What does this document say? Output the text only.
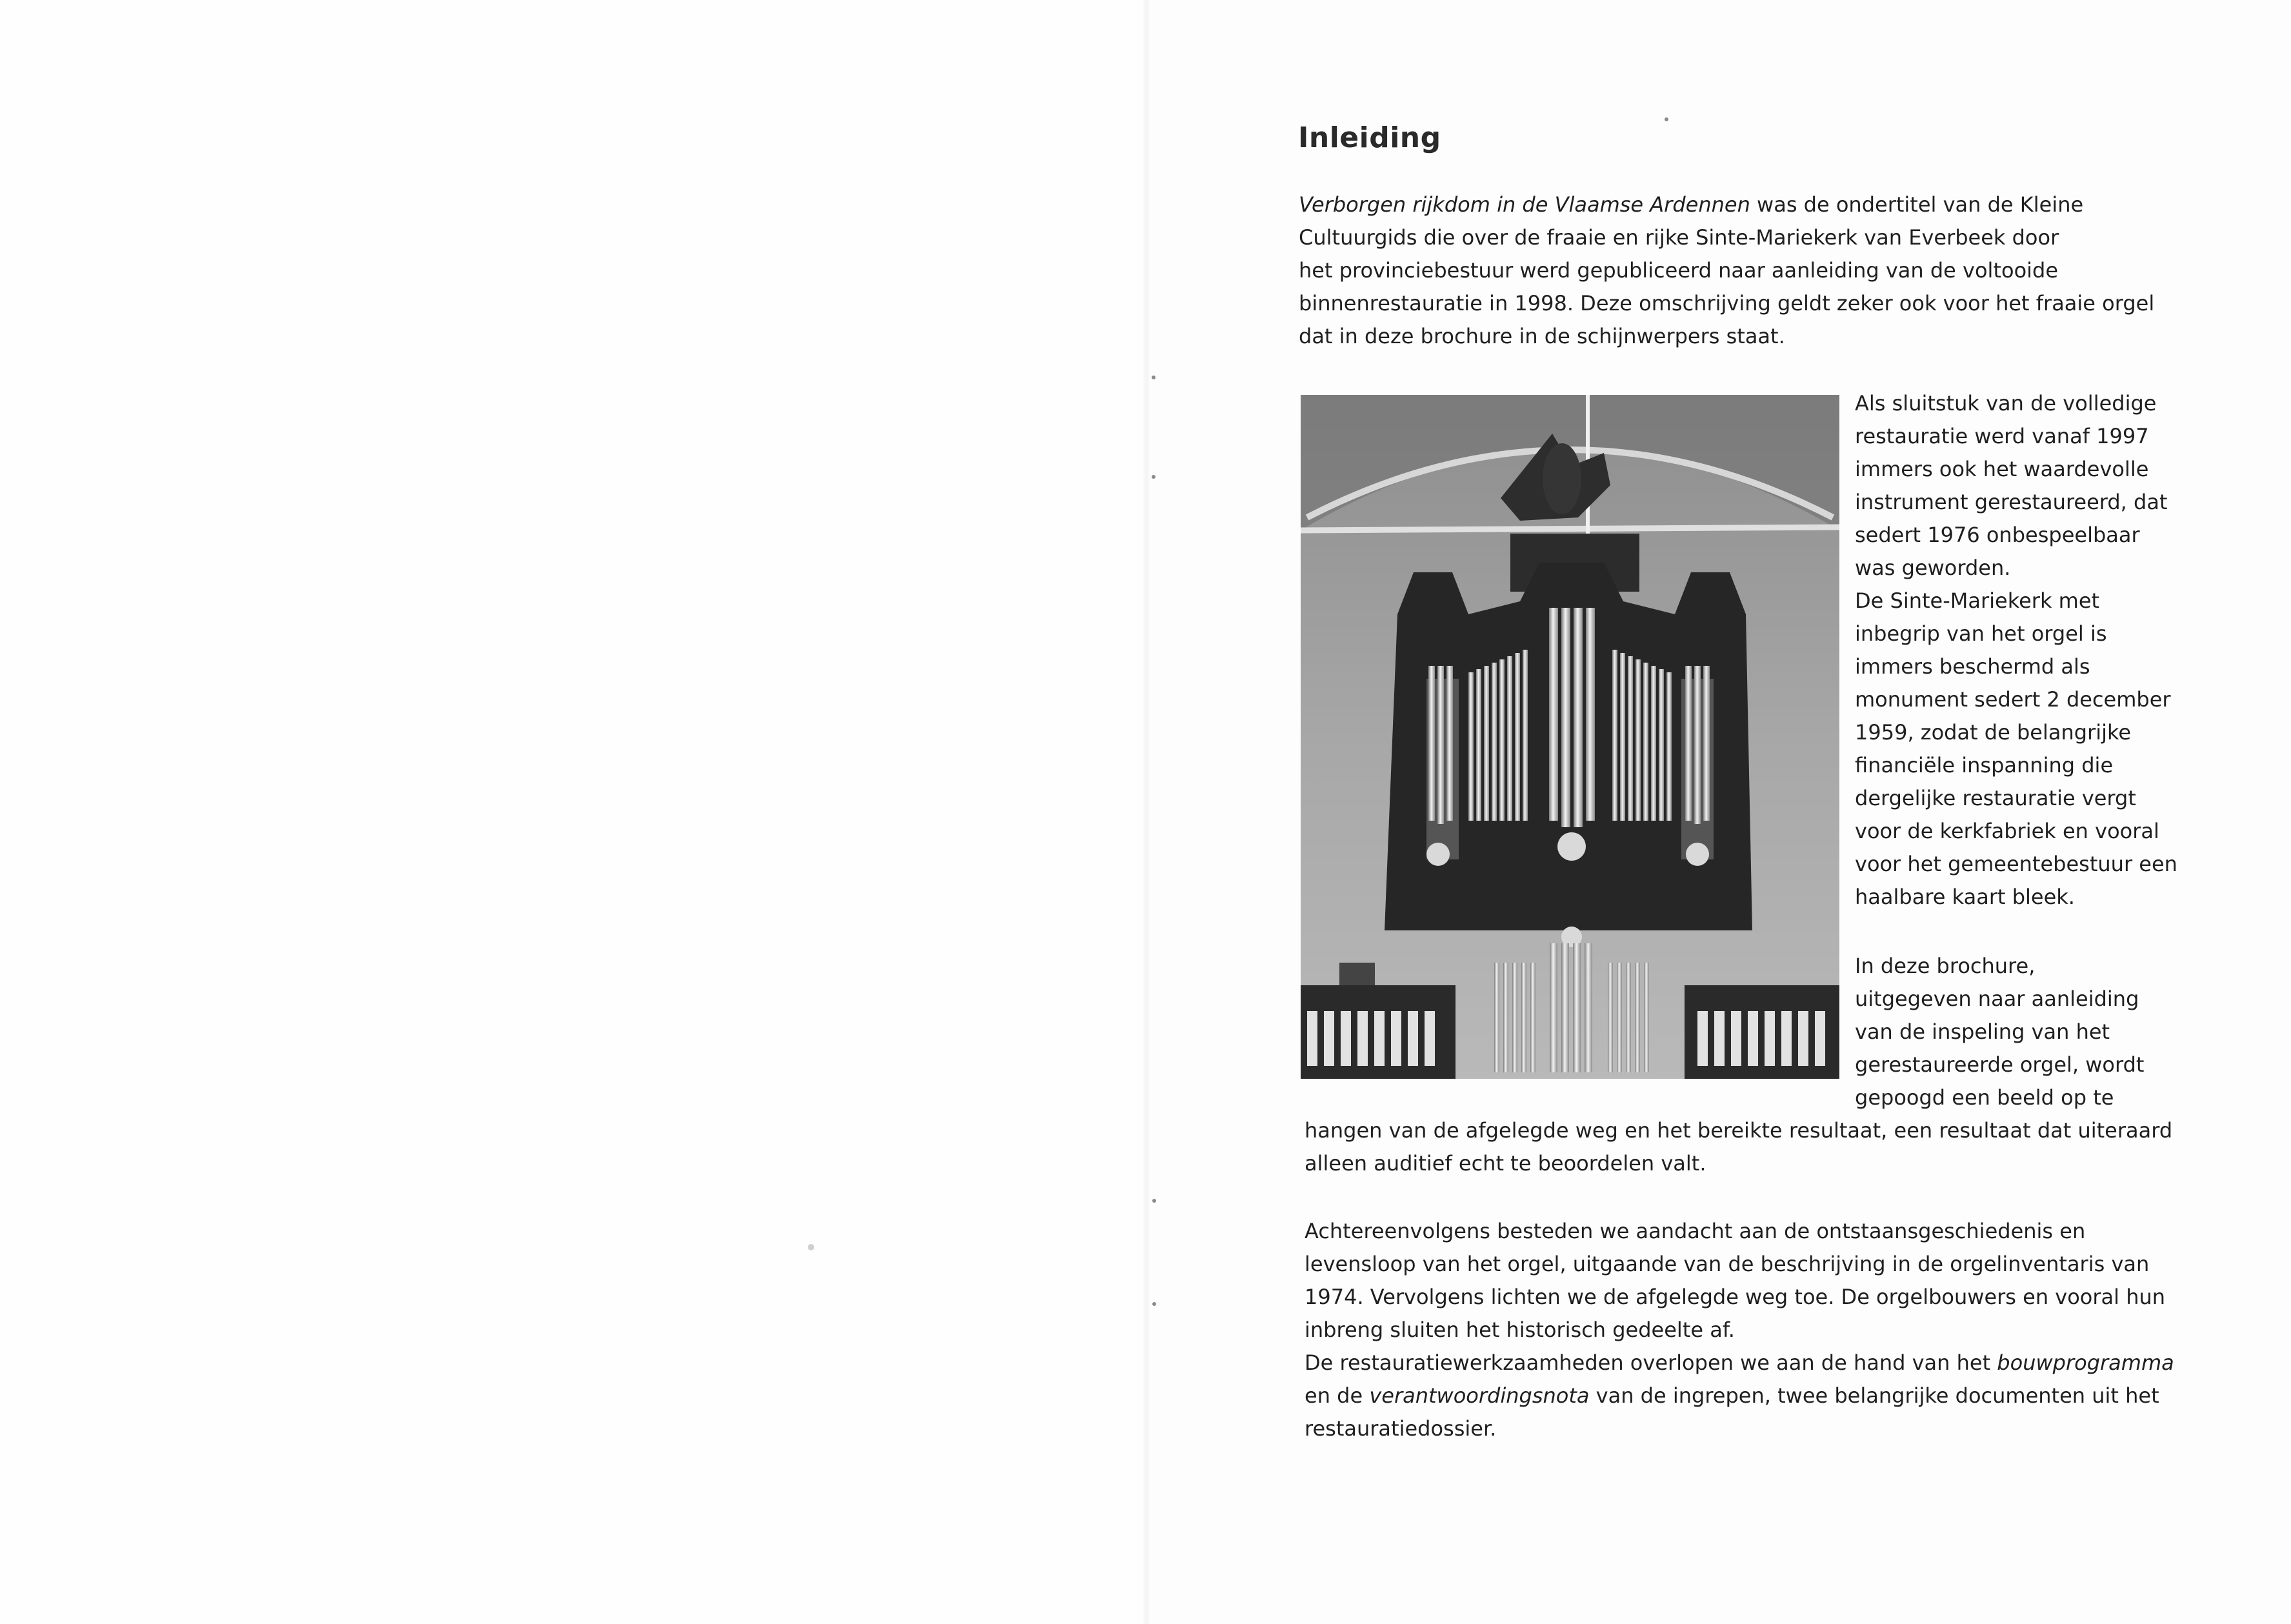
Inleiding

Verborgen rijkdom in de Vlaamse Ardennen was de ondertitel van de Kleine
Cultuurgids die over de fraaie en rijke Sinte-Mariekerk van Everbeek door
het provinciebestuur werd gepubliceerd naar aanleiding van de voltooide
binnenrestauratie in 1998. Deze omschrijving geldt zeker ook voor het fraaie orgel
dat in deze brochure in de schijnwerpers staat.

Als sluitstuk van de volledige
restauratie werd vanaf 1997
immers ook het waardevolle
instrument gerestaureerd, dat
sedert 1976 onbespeelbaar
was geworden.
De Sinte-Mariekerk met
inbegrip van het orgel is
immers beschermd als
monument sedert 2 december
1959, zodat de belangrijke
financiële inspanning die
dergelijke restauratie vergt
voor de kerkfabriek en vooral
voor het gemeentebestuur een
haalbare kaart bleek.

In deze brochure,
uitgegeven naar aanleiding
van de inspeling van het
gerestaureerde orgel, wordt
gepoogd een beeld op te

hangen van de afgelegde weg en het bereikte resultaat, een resultaat dat uiteraard
alleen auditief echt te beoordelen valt.

Achtereenvolgens besteden we aandacht aan de ontstaansgeschiedenis en
levensloop van het orgel, uitgaande van de beschrijving in de orgelinventaris van
1974. Vervolgens lichten we de afgelegde weg toe. De orgelbouwers en vooral hun
inbreng sluiten het historisch gedeelte af.
De restauratiewerkzaamheden overlopen we aan de hand van het bouwprogramma
en de verantwoordingsnota van de ingrepen, twee belangrijke documenten uit het
restauratiedossier.
